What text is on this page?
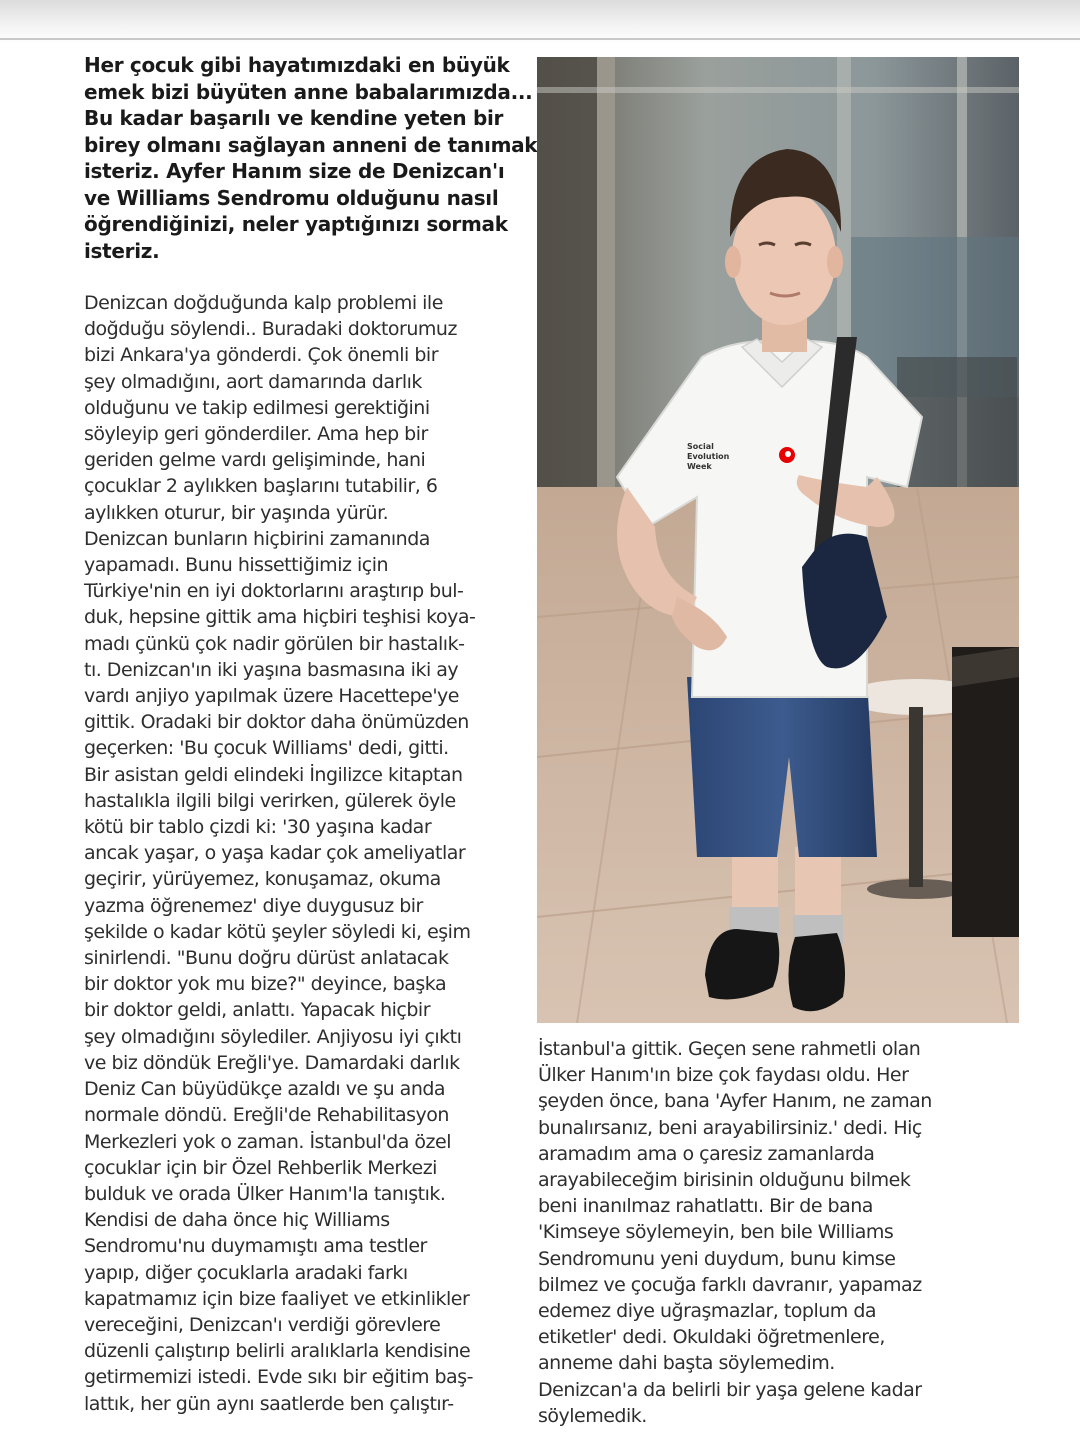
Her çocuk gibi hayatımızdaki en büyük
emek bizi büyüten anne babalarımızda...
Bu kadar başarılı ve kendine yeten bir
birey olmanı sağlayan anneni de tanımak
isteriz. Ayfer Hanım size de Denizcan'ı
ve Williams Sendromu olduğunu nasıl
öğrendiğinizi, neler yaptığınızı sormak
isteriz.
Denizcan doğduğunda kalp problemi ile
doğduğu söylendi.. Buradaki doktorumuz
bizi Ankara'ya gönderdi. Çok önemli bir
şey olmadığını, aort damarında darlık
olduğunu ve takip edilmesi gerektiğini
söyleyip geri gönderdiler. Ama hep bir
geriden gelme vardı gelişiminde, hani
çocuklar 2 aylıkken başlarını tutabilir, 6
aylıkken oturur, bir yaşında yürür.
Denizcan bunların hiçbirini zamanında
yapamadı. Bunu hissettiğimiz için
Türkiye'nin en iyi doktorlarını araştırıp bul-
duk, hepsine gittik ama hiçbiri teşhisi koya-
madı çünkü çok nadir görülen bir hastalık-
tı. Denizcan'ın iki yaşına basmasına iki ay
vardı anjiyo yapılmak üzere Hacettepe'ye
gittik. Oradaki bir doktor daha önümüzden
geçerken: 'Bu çocuk Williams' dedi, gitti.
Bir asistan geldi elindeki İngilizce kitaptan
hastalıkla ilgili bilgi verirken, gülerek öyle
kötü bir tablo çizdi ki: '30 yaşına kadar
ancak yaşar, o yaşa kadar çok ameliyatlar
geçirir, yürüyemez, konuşamaz, okuma
yazma öğrenemez' diye duygusuz bir
şekilde o kadar kötü şeyler söyledi ki, eşim
sinirlendi. "Bunu doğru dürüst anlatacak
bir doktor yok mu bize?" deyince, başka
bir doktor geldi, anlattı. Yapacak hiçbir
şey olmadığını söylediler. Anjiyosu iyi çıktı
ve biz döndük Ereğli'ye. Damardaki darlık
Deniz Can büyüdükçe azaldı ve şu anda
normale döndü. Ereğli'de Rehabilitasyon
Merkezleri yok o zaman. İstanbul'da özel
çocuklar için bir Özel Rehberlik Merkezi
bulduk ve orada Ülker Hanım'la tanıştık.
Kendisi de daha önce hiç Williams
Sendromu'nu duymamıştı ama testler
yapıp, diğer çocuklarla aradaki farkı
kapatmamız için bize faaliyet ve etkinlikler
vereceğini, Denizcan'ı verdiği görevlere
düzenli çalıştırıp belirli aralıklarla kendisine
getirmemizi istedi. Evde sıkı bir eğitim baş-
lattık, her gün aynı saatlerde ben çalıştır-
Social
Evolution
Week
İstanbul'a gittik. Geçen sene rahmetli olan
Ülker Hanım'ın bize çok faydası oldu. Her
şeyden önce, bana 'Ayfer Hanım, ne zaman
bunalırsanız, beni arayabilirsiniz.' dedi. Hiç
aramadım ama o çaresiz zamanlarda
arayabileceğim birisinin olduğunu bilmek
beni inanılmaz rahatlattı. Bir de bana
'Kimseye söylemeyin, ben bile Williams
Sendromunu yeni duydum, bunu kimse
bilmez ve çocuğa farklı davranır, yapamaz
edemez diye uğraşmazlar, toplum da
etiketler' dedi. Okuldaki öğretmenlere,
anneme dahi başta söylemedim.
Denizcan'a da belirli bir yaşa gelene kadar
söylemedik.
